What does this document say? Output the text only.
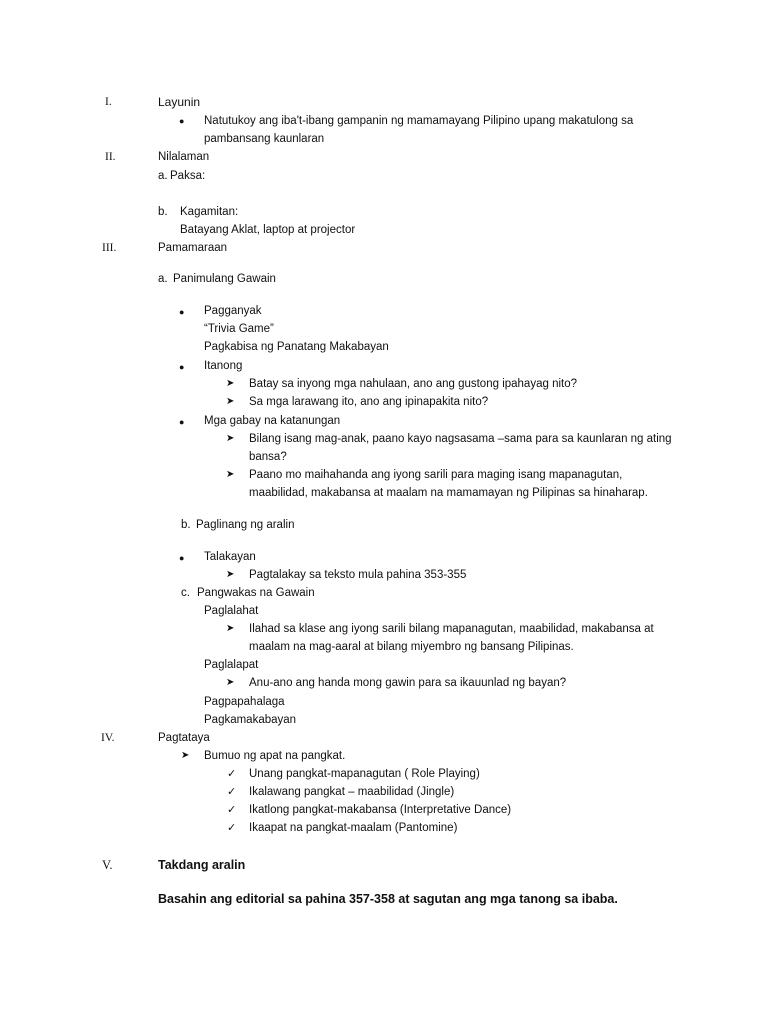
I.	Layunin
● Natutukoy ang iba't-ibang gampanin ng mamamayang Pilipino upang makatulong sa
pambansang kaunlaran
II.	Nilalaman
a. Paksa:
b. Kagamitan:
Batayang Aklat, laptop at projector
III.	Pamamaraan
a. Panimulang Gawain
● Pagganyak
“Trivia Game”
Pagkabisa ng Panatang Makabayan
● Itanong
➤ Batay sa inyong mga nahulaan, ano ang gustong ipahayag nito?
➤ Sa mga larawang ito, ano ang ipinapakita nito?
● Mga gabay na katanungan
➤ Bilang isang mag-anak, paano kayo nagsasama –sama para sa kaunlaran ng ating
bansa?
➤ Paano mo maihahanda ang iyong sarili para maging isang mapanagutan,
maabilidad, makabansa at maalam na mamamayan ng Pilipinas sa hinaharap.
b. Paglinang ng aralin
● Talakayan
➤ Pagtalakay sa teksto mula pahina 353-355
c. Pangwakas na Gawain
Paglalahat
➤ Ilahad sa klase ang iyong sarili bilang mapanagutan, maabilidad, makabansa at
maalam na mag-aaral at bilang miyembro ng bansang Pilipinas.
Paglalapat
➤ Anu-ano ang handa mong gawin para sa ikauunlad ng bayan?
Pagpapahalaga
Pagkamakabayan
IV.	Pagtataya
➤ Bumuo ng apat na pangkat.
✓ Unang pangkat-mapanagutan ( Role Playing)
✓ Ikalawang pangkat – maabilidad (Jingle)
✓ Ikatlong pangkat-makabansa (Interpretative Dance)
✓ Ikaapat na pangkat-maalam (Pantomine)
V.	Takdang aralin
Basahin ang editorial sa pahina 357-358 at sagutan ang mga tanong sa ibaba.
